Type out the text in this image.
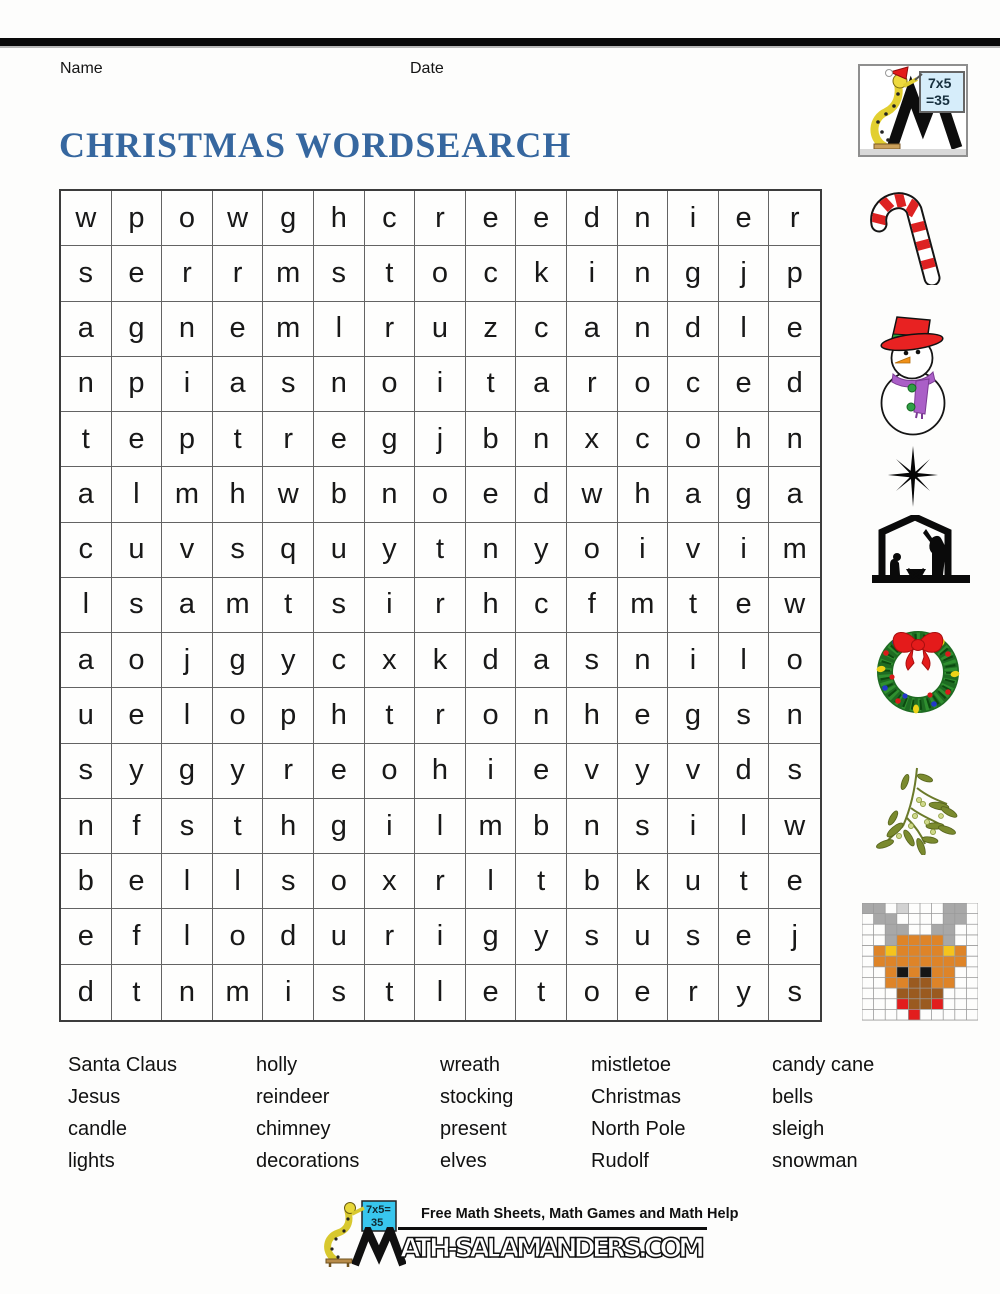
Name	Date
7x5
=35
CHRISTMAS WORDSEARCH
w	p	o	w	g	h	c	r	e	e	d	n	i	e	r
s	e	r	r	m	s	t	o	c	k	i	n	g	j	p
a	g	n	e	m	l	r	u	z	c	a	n	d	l	e
n	p	i	a	s	n	o	i	t	a	r	o	c	e	d
t	e	p	t	r	e	g	j	b	n	x	c	o	h	n
a	l	m	h	w	b	n	o	e	d	w	h	a	g	a
c	u	v	s	q	u	y	t	n	y	o	i	v	i	m
l	s	a	m	t	s	i	r	h	c	f	m	t	e	w
a	o	j	g	y	c	x	k	d	a	s	n	i	l	o
u	e	l	o	p	h	t	r	o	n	h	e	g	s	n
s	y	g	y	r	e	o	h	i	e	v	y	v	d	s
n	f	s	t	h	g	i	l	m	b	n	s	i	l	w
b	e	l	l	s	o	x	r	l	t	b	k	u	t	e
e	f	l	o	d	u	r	i	g	y	s	u	s	e	j
d	t	n	m	i	s	t	l	e	t	o	e	r	y	s
Santa Claus	holly	wreath	mistletoe	candy cane
Jesus	reindeer	stocking	Christmas	bells
candle	chimney	present	North Pole	sleigh
lights	decorations	elves	Rudolf	snowman
7x5=
35
Free Math Sheets, Math Games and Math Help
ATH-SALAMANDERS.COM
